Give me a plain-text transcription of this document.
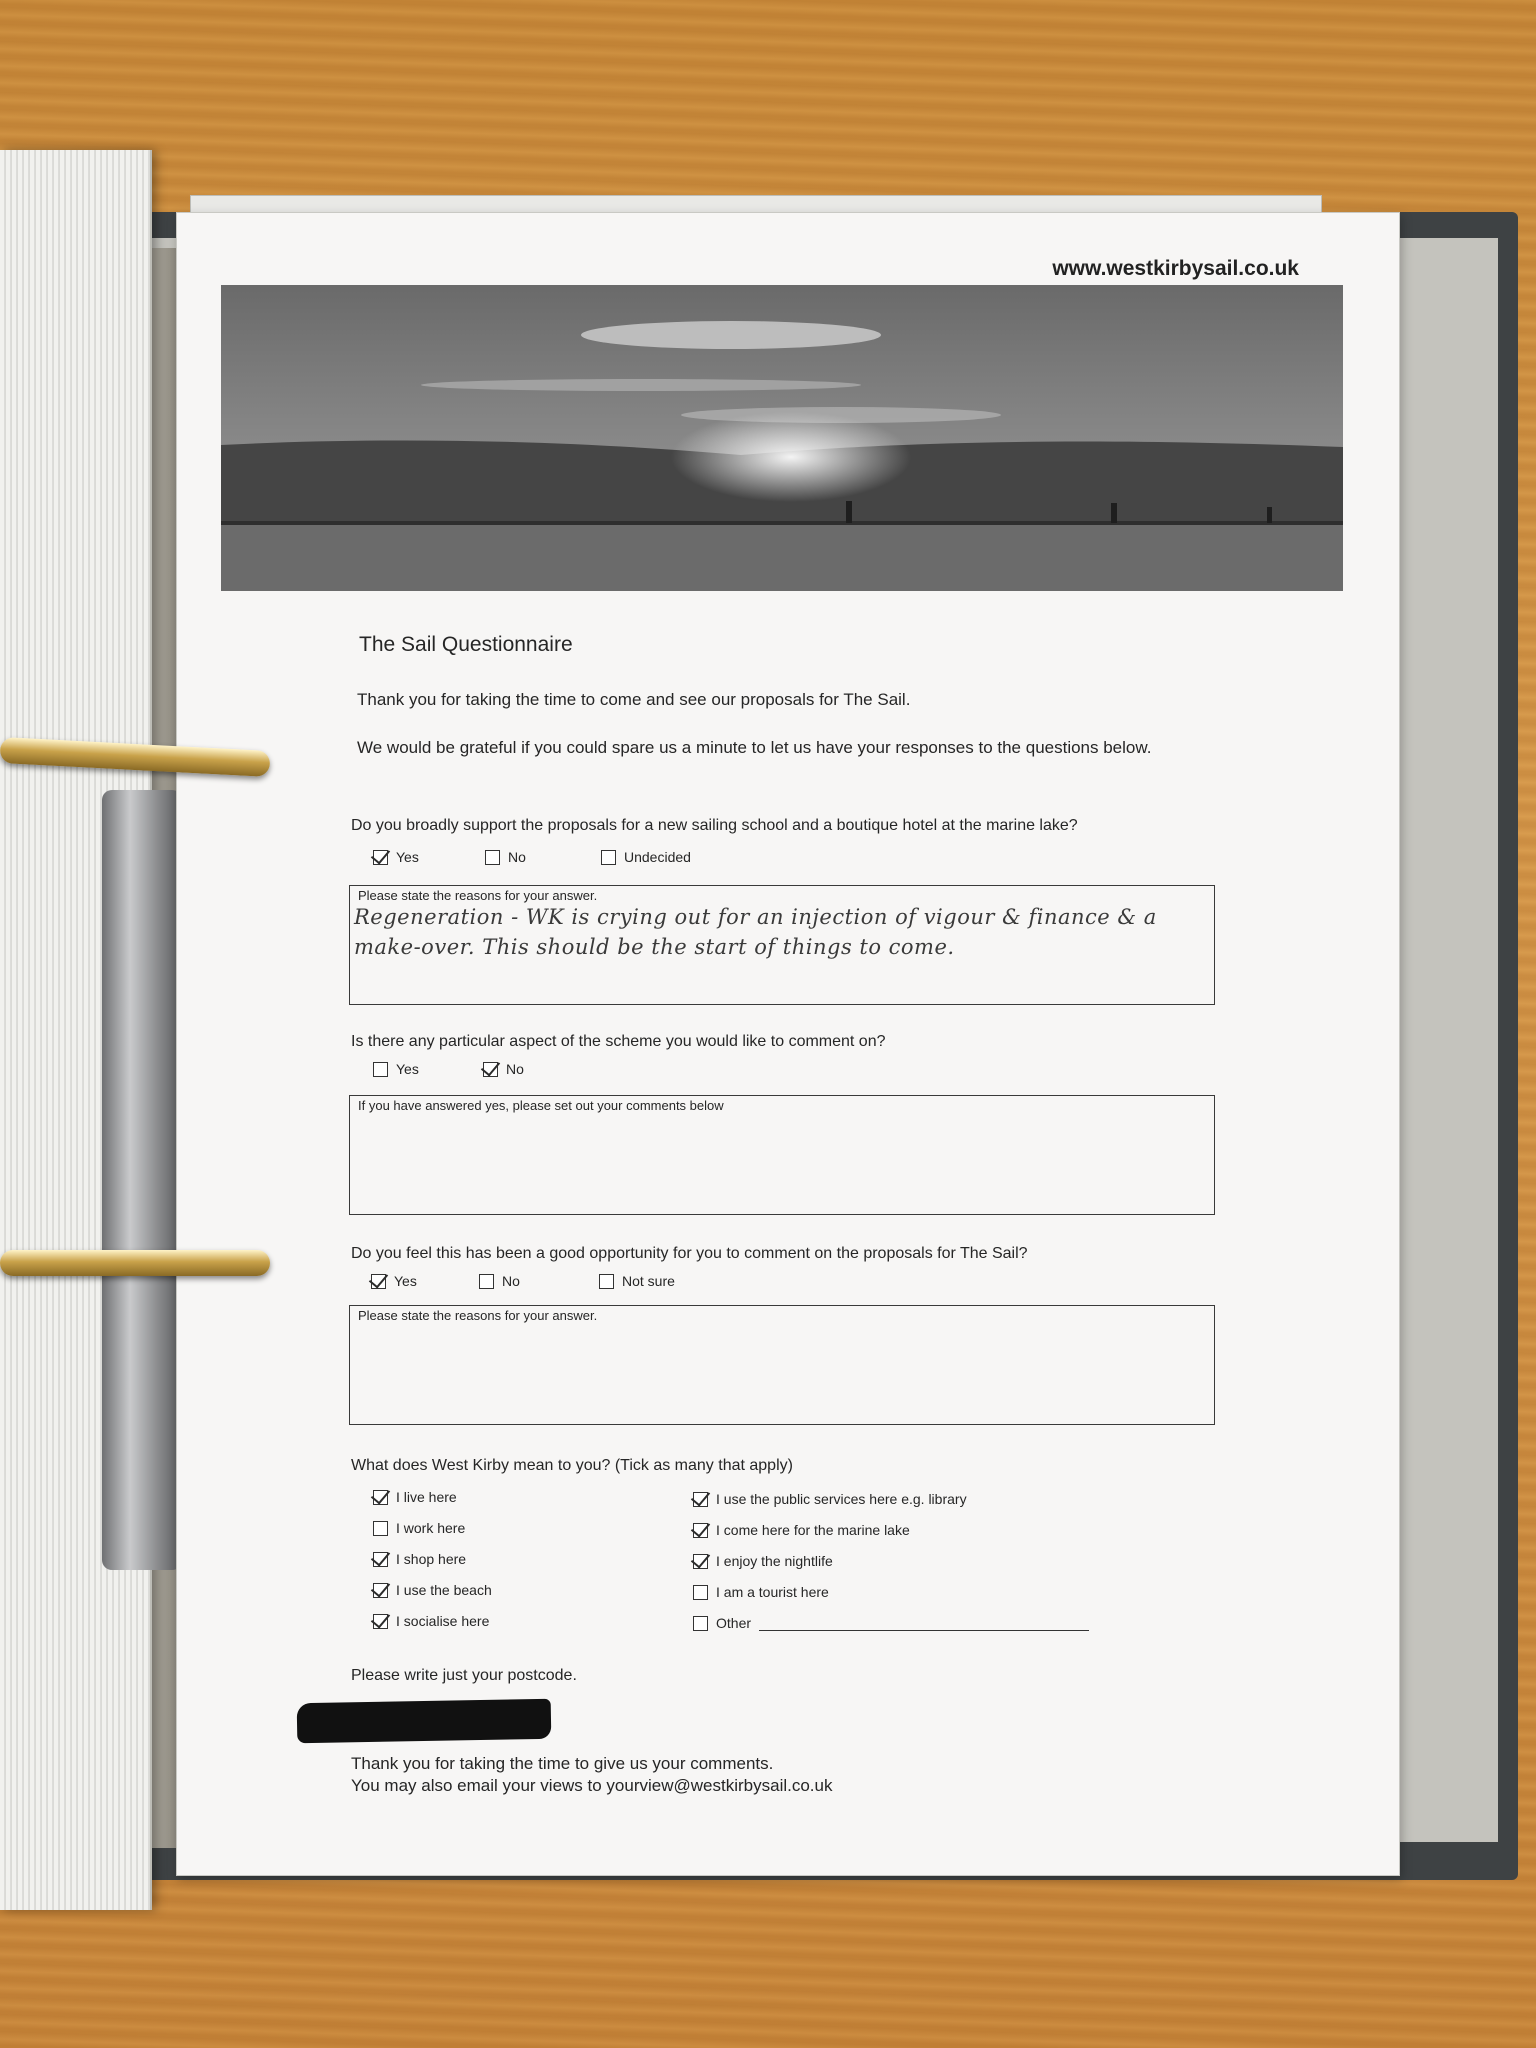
www.westkirbysail.co.uk
The Sail Questionnaire
Thank you for taking the time to come and see our proposals for The Sail.
We would be grateful if you could spare us a minute to let us have your responses to the questions below.
Do you broadly support the proposals for a new sailing school and a boutique hotel at the marine lake?
Yes	No	Undecided
Please state the reasons for your answer.
Regeneration - WK is crying out for an injection of vigour & finance & a make-over. This should be the start of things to come.
Is there any particular aspect of the scheme you would like to comment on?
Yes	No
If you have answered yes, please set out your comments below
Do you feel this has been a good opportunity for you to comment on the proposals for The Sail?
Yes	No	Not sure
Please state the reasons for your answer.
What does West Kirby mean to you? (Tick as many that apply)
I live here
I work here
I shop here
I use the beach
I socialise here
I use the public services here e.g. library
I come here for the marine lake
I enjoy the nightlife
I am a tourist here
Other
Please write just your postcode.
Thank you for taking the time to give us your comments.
You may also email your views to yourview@westkirbysail.co.uk
